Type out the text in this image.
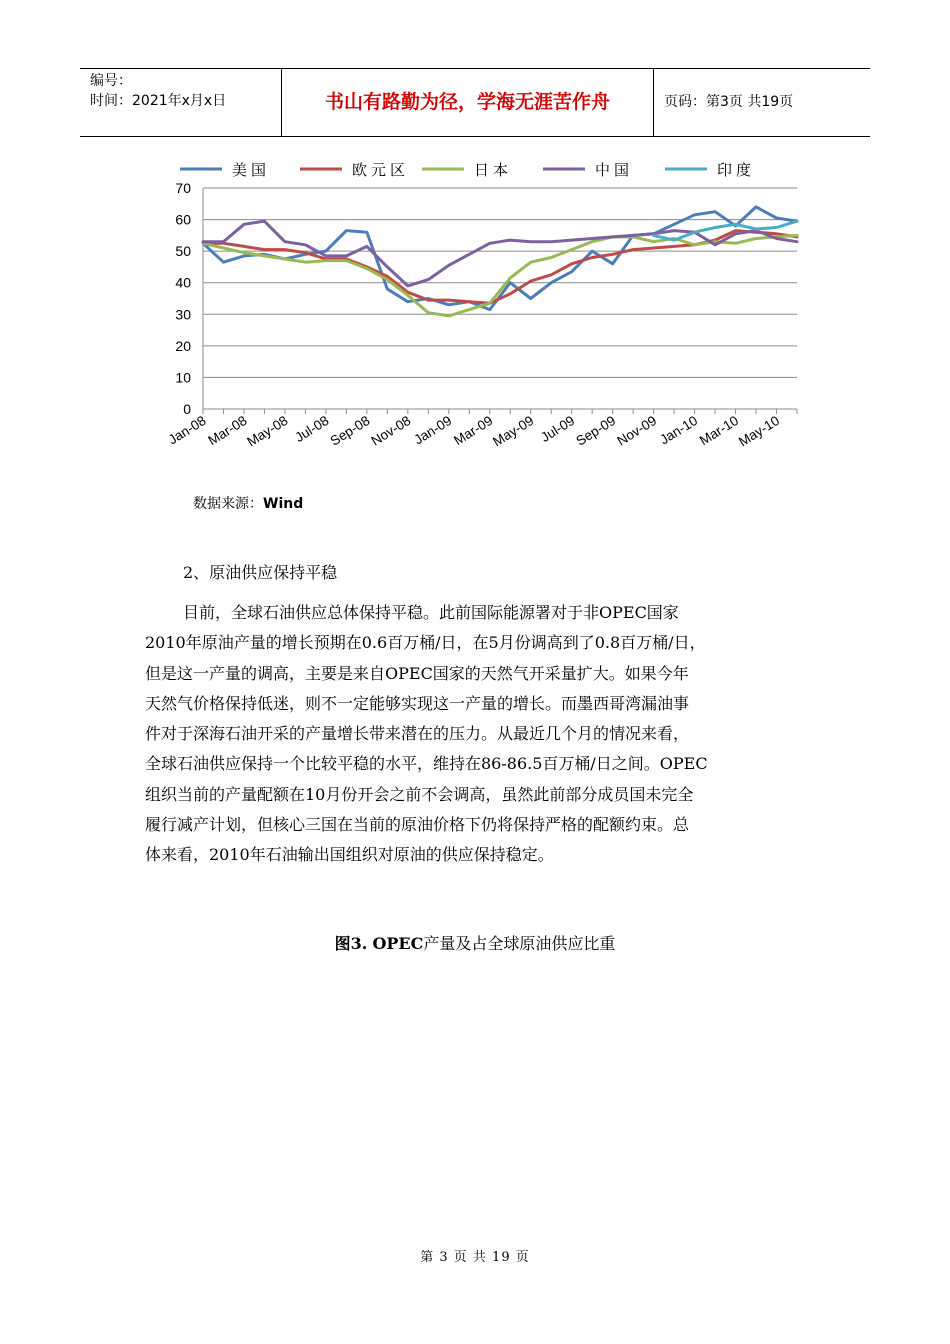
编号：
时间：2021年x月x日	书山有路勤为径，学海无涯苦作舟	页码：第3页 共19页
0
10
20
30
40
50
60
70
Jan-08
Mar-08
May-08 Jul-08
Sep-08
Nov-08
Jan-09
Mar-09
May-09 Jul-09
Sep-09
Nov-09
Jan-10
Mar-10
May-10
美国	欧元区	日本	中国	印度
数据来源：Wind
2、原油供应保持平稳

目前，全球石油供应总体保持平稳。此前国际能源署对于非OPEC国家
2010年原油产量的增长预期在0.6百万桶/日，在5月份调高到了0.8百万桶/日，
但是这一产量的调高，主要是来自OPEC国家的天然气开采量扩大。如果今年
天然气价格保持低迷，则不一定能够实现这一产量的增长。而墨西哥湾漏油事
件对于深海石油开采的产量增长带来潜在的压力。从最近几个月的情况来看，
全球石油供应保持一个比较平稳的水平，维持在86-86.5百万桶/日之间。OPEC
组织当前的产量配额在10月份开会之前不会调高，虽然此前部分成员国未完全
履行减产计划，但核心三国在当前的原油价格下仍将保持严格的配额约束。总
体来看，2010年石油输出国组织对原油的供应保持稳定。

图3. OPEC产量及占全球原油供应比重
第 3 页 共 19 页
